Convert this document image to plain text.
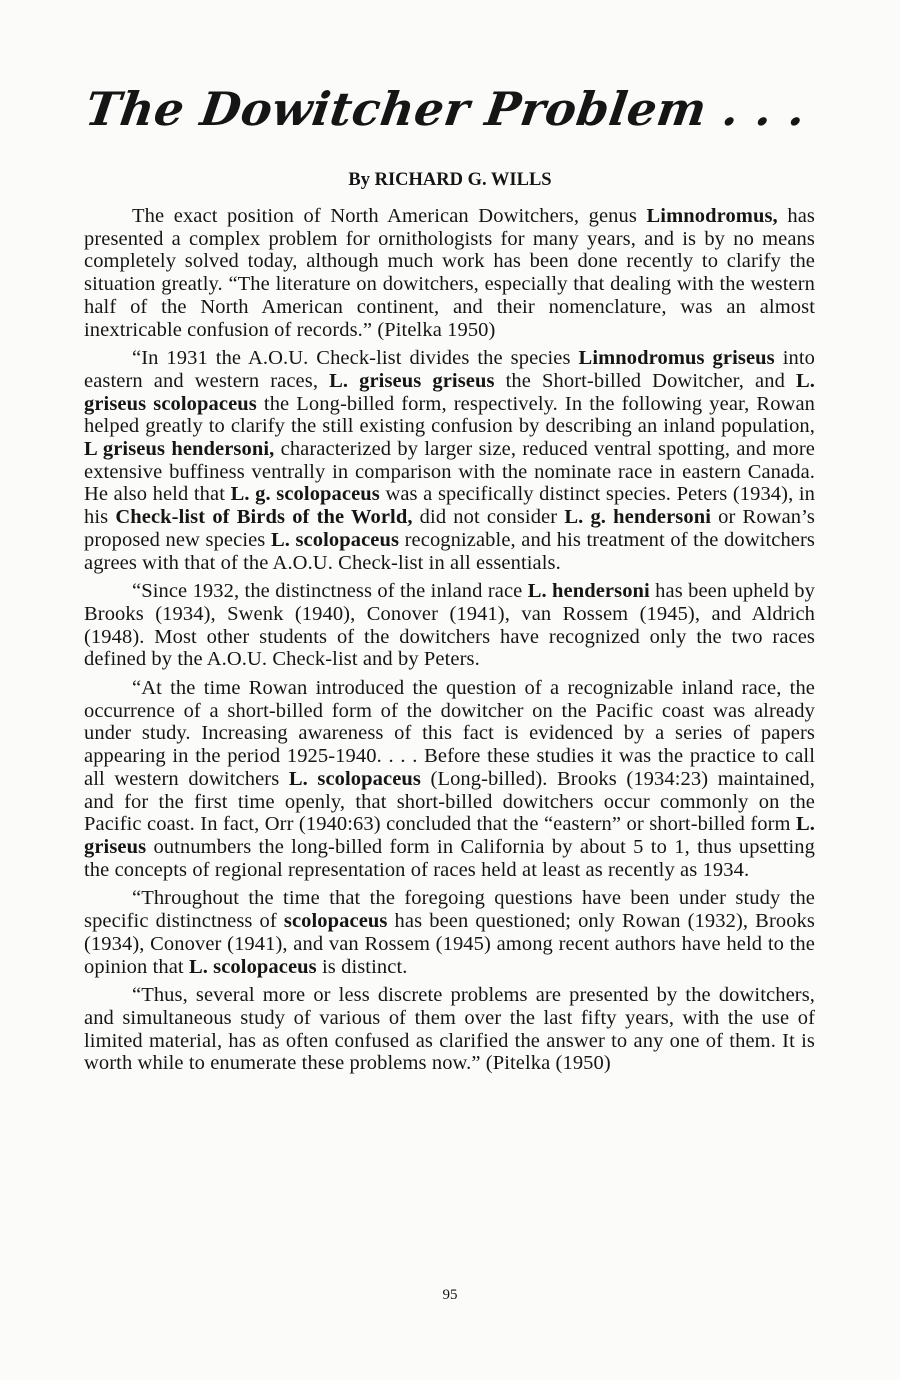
The Dowitcher Problem . . .

By RICHARD G. WILLS

The exact position of North American Dowitchers, genus Limnodromus, has presented a complex problem for ornithologists for many years, and is by no means completely solved today, although much work has been done recently to clarify the situation greatly. “The literature on dowitchers, especially that dealing with the western half of the North American continent, and their nomenclature, was an almost inextricable confusion of records.” (Pitelka 1950)

“In 1931 the A.O.U. Check-list divides the species Limnodromus griseus into eastern and western races, L. griseus griseus the Short-billed Dowitcher, and L. griseus scolopaceus the Long-billed form, respectively. In the following year, Rowan helped greatly to clarify the still existing confusion by describing an inland population, L griseus hendersoni, characterized by larger size, reduced ventral spotting, and more extensive buffiness ventrally in comparison with the nominate race in eastern Canada. He also held that L. g. scolopaceus was a specifically distinct species. Peters (1934), in his Check-list of Birds of the World, did not consider L. g. hendersoni or Rowan’s proposed new species L. scolopaceus recognizable, and his treatment of the dowitchers agrees with that of the A.O.U. Check-list in all essentials.

“Since 1932, the distinctness of the inland race L. hendersoni has been upheld by Brooks (1934), Swenk (1940), Conover (1941), van Rossem (1945), and Aldrich (1948). Most other students of the dowitchers have recognized only the two races defined by the A.O.U. Check-list and by Peters.

“At the time Rowan introduced the question of a recognizable inland race, the occurrence of a short-billed form of the dowitcher on the Pacific coast was already under study. Increasing awareness of this fact is evidenced by a series of papers appearing in the period 1925-1940. . . . Before these studies it was the practice to call all western dowitchers L. scolopaceus (Long-billed). Brooks (1934:23) maintained, and for the first time openly, that short-billed dowitchers occur commonly on the Pacific coast. In fact, Orr (1940:63) concluded that the “eastern” or short-billed form L. griseus outnumbers the long-billed form in California by about 5 to 1, thus upsetting the concepts of regional representation of races held at least as recently as 1934.

“Throughout the time that the foregoing questions have been under study the specific distinctness of scolopaceus has been questioned; only Rowan (1932), Brooks (1934), Conover (1941), and van Rossem (1945) among recent authors have held to the opinion that L. scolopaceus is distinct.

“Thus, several more or less discrete problems are presented by the dowitchers, and simultaneous study of various of them over the last fifty years, with the use of limited material, has as often confused as clarified the answer to any one of them. It is worth while to enumerate these problems now.” (Pitelka (1950)

95
